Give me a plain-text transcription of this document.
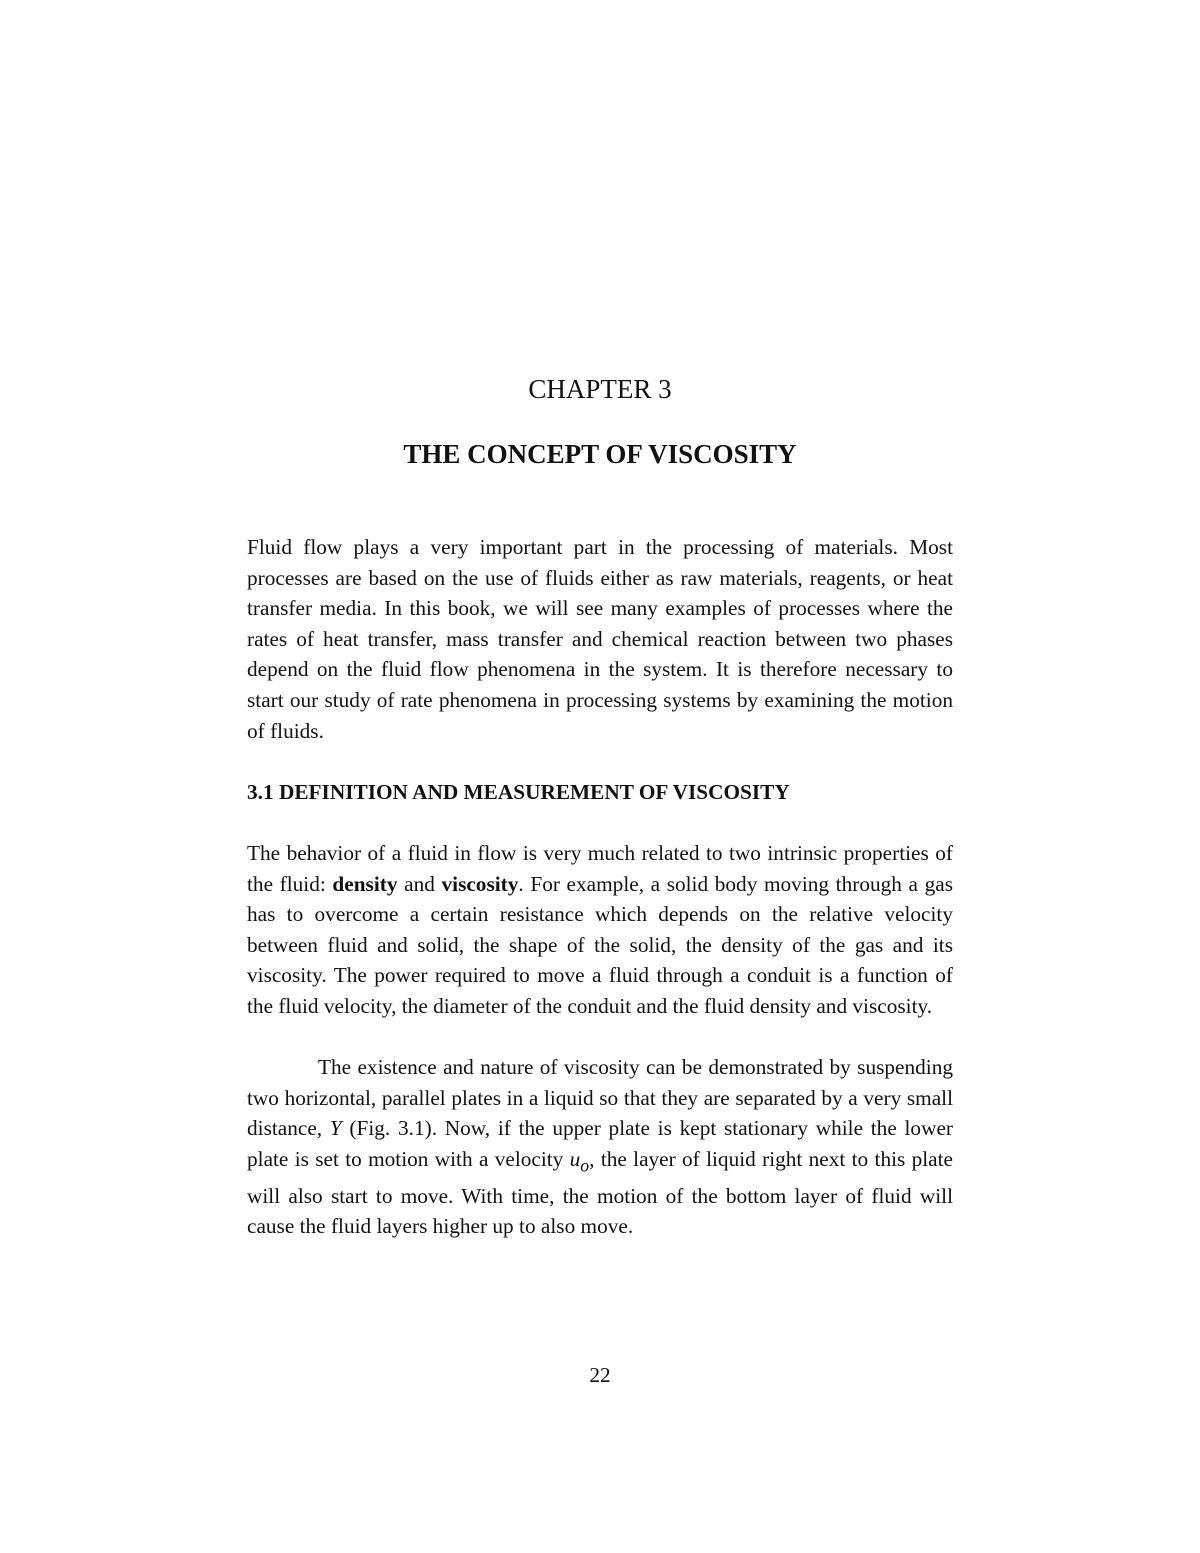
CHAPTER 3
THE CONCEPT OF VISCOSITY

Fluid flow plays a very important part in the processing of materials. Most processes are based on the use of fluids either as raw materials, reagents, or heat transfer media. In this book, we will see many examples of processes where the rates of heat transfer, mass transfer and chemical reaction between two phases depend on the fluid flow phenomena in the system. It is therefore necessary to start our study of rate phenomena in processing systems by examining the motion of fluids.

3.1 DEFINITION AND MEASUREMENT OF VISCOSITY

The behavior of a fluid in flow is very much related to two intrinsic properties of the fluid: density and viscosity. For example, a solid body moving through a gas has to overcome a certain resistance which depends on the relative velocity between fluid and solid, the shape of the solid, the density of the gas and its viscosity. The power required to move a fluid through a conduit is a function of the fluid velocity, the diameter of the conduit and the fluid density and viscosity.

The existence and nature of viscosity can be demonstrated by suspending two horizontal, parallel plates in a liquid so that they are separated by a very small distance, Y (Fig. 3.1). Now, if the upper plate is kept stationary while the lower plate is set to motion with a velocity $u_o$, the layer of liquid right next to this plate will also start to move. With time, the motion of the bottom layer of fluid will cause the fluid layers higher up to also move.

22
